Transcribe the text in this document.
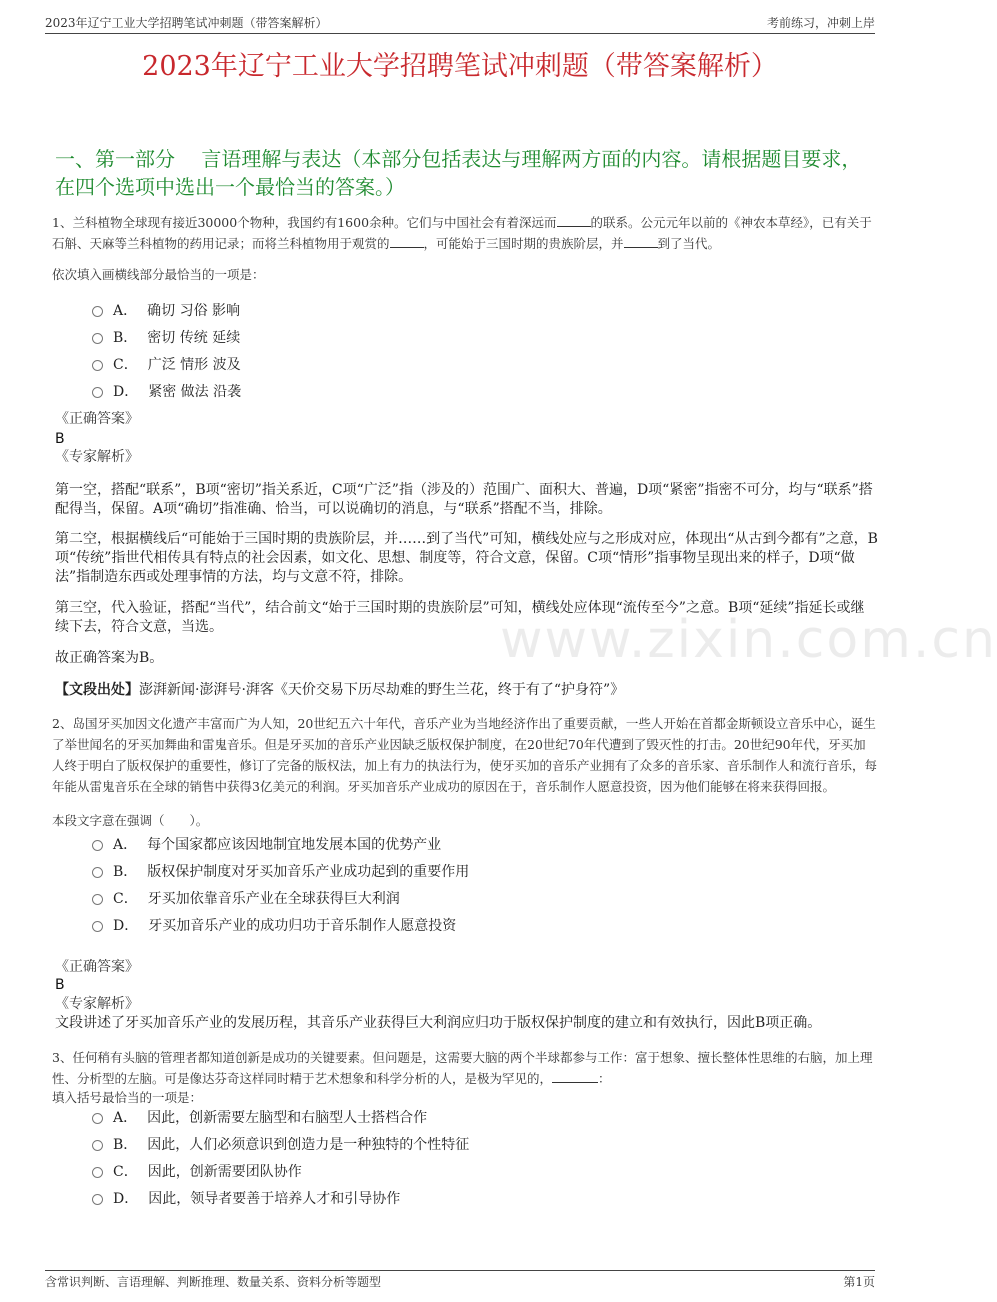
2023年辽宁工业大学招聘笔试冲刺题（带答案解析）	考前练习，冲刺上岸
2023年辽宁工业大学招聘笔试冲刺题（带答案解析）
一、第一部分　 言语理解与表达（本部分包括表达与理解两方面的内容。请根据题目要求，在四个选项中选出一个最恰当的答案。）
www.zixin.com.cn
1、兰科植物全球现有接近30000个物种，我国约有1600余种。它们与中国社会有着深远而	的联系。公元元年以前的《神农本草经》，已有关于石斛、天麻等兰科植物的药用记录；而将兰科植物用于观赏的	，可能始于三国时期的贵族阶层，并	到了当代。
依次填入画横线部分最恰当的一项是：
A． 确切 习俗 影响
B． 密切 传统 延续
C． 广泛 情形 波及
D． 紧密 做法 沿袭
《正确答案》
B
《专家解析》
第一空，搭配“联系”，B项“密切”指关系近，C项“广泛”指（涉及的）范围广、面积大、普遍，D项“紧密”指密不可分，均与“联系”搭配得当，保留。A项“确切”指准确、恰当，可以说确切的消息，与“联系”搭配不当，排除。
第二空，根据横线后“可能始于三国时期的贵族阶层，并……到了当代”可知，横线处应与之形成对应，体现出“从古到今都有”之意，B项“传统”指世代相传具有特点的社会因素，如文化、思想、制度等，符合文意，保留。C项“情形”指事物呈现出来的样子，D项“做法”指制造东西或处理事情的方法，均与文意不符，排除。
第三空，代入验证，搭配“当代”，结合前文“始于三国时期的贵族阶层”可知，横线处应体现“流传至今”之意。B项“延续”指延长或继续下去，符合文意，当选。
故正确答案为B。
【文段出处】澎湃新闻·澎湃号·湃客《天价交易下历尽劫难的野生兰花，终于有了“护身符”》
2、岛国牙买加因文化遗产丰富而广为人知，20世纪五六十年代，音乐产业为当地经济作出了重要贡献，一些人开始在首都金斯顿设立音乐中心，诞生了举世闻名的牙买加舞曲和雷鬼音乐。但是牙买加的音乐产业因缺乏版权保护制度，在20世纪70年代遭到了毁灭性的打击。20世纪90年代，牙买加人终于明白了版权保护的重要性，修订了完备的版权法，加上有力的执法行为，使牙买加的音乐产业拥有了众多的音乐家、音乐制作人和流行音乐，每年能从雷鬼音乐在全球的销售中获得3亿美元的利润。牙买加音乐产业成功的原因在于，音乐制作人愿意投资，因为他们能够在将来获得回报。
本段文字意在强调（　　）。
A． 每个国家都应该因地制宜地发展本国的优势产业
B． 版权保护制度对牙买加音乐产业成功起到的重要作用
C． 牙买加依靠音乐产业在全球获得巨大利润
D． 牙买加音乐产业的成功归功于音乐制作人愿意投资
《正确答案》
B
《专家解析》
文段讲述了牙买加音乐产业的发展历程，其音乐产业获得巨大利润应归功于版权保护制度的建立和有效执行，因此B项正确。
3、任何稍有头脑的管理者都知道创新是成功的关键要素。但问题是，这需要大脑的两个半球都参与工作：富于想象、擅长整体性思维的右脑，加上理性、分析型的左脑。可是像达芬奇这样同时精于艺术想象和科学分析的人，是极为罕见的，	：
填入括号最恰当的一项是：
A． 因此，创新需要左脑型和右脑型人士搭档合作
B． 因此，人们必须意识到创造力是一种独特的个性特征
C． 因此，创新需要团队协作
D． 因此，领导者要善于培养人才和引导协作
含常识判断、言语理解、判断推理、数量关系、资料分析等题型	第1页
